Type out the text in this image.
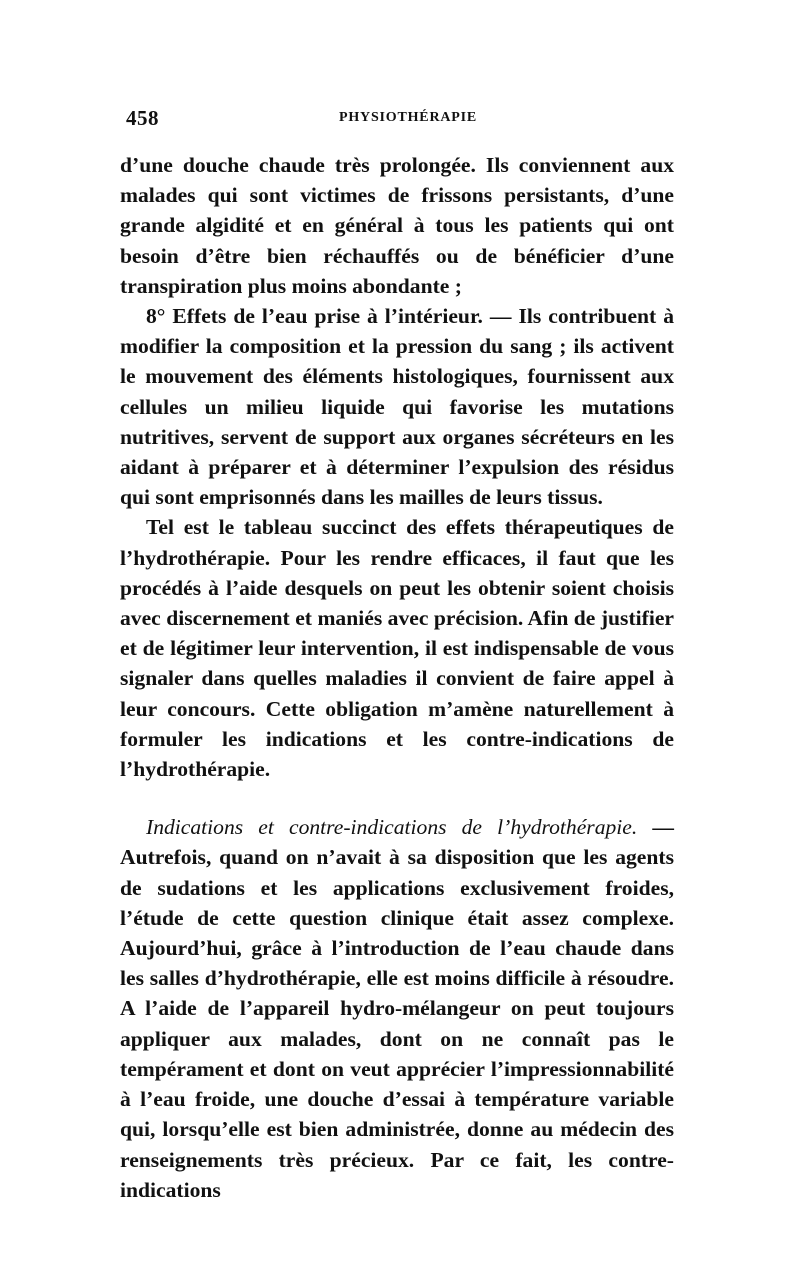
458	PHYSIOTHÉRAPIE

d’une douche chaude très prolongée. Ils conviennent aux malades qui sont victimes de frissons persistants, d’une grande algidité et en général à tous les patients qui ont besoin d’être bien réchauffés ou de bénéficier d’une transpiration plus moins abondante ;

8° Effets de l’eau prise à l’intérieur. — Ils contribuent à modifier la composition et la pression du sang ; ils activent le mouvement des éléments histologiques, fournissent aux cellules un milieu liquide qui favorise les mutations nutritives, servent de support aux organes sécréteurs en les aidant à préparer et à déterminer l’expulsion des résidus qui sont emprisonnés dans les mailles de leurs tissus.

Tel est le tableau succinct des effets thérapeutiques de l’hydrothérapie. Pour les rendre efficaces, il faut que les procédés à l’aide desquels on peut les obtenir soient choisis avec discernement et maniés avec précision. Afin de justifier et de légitimer leur intervention, il est indispensable de vous signaler dans quelles maladies il convient de faire appel à leur concours. Cette obligation m’amène naturellement à formuler les indications et les contre-indications de l’hydrothérapie.

Indications et contre-indications de l’hydrothérapie. — Autrefois, quand on n’avait à sa disposition que les agents de sudations et les applications exclusivement froides, l’étude de cette question clinique était assez complexe. Aujourd’hui, grâce à l’introduction de l’eau chaude dans les salles d’hydrothérapie, elle est moins difficile à résoudre. A l’aide de l’appareil hydro-mélangeur on peut toujours appliquer aux malades, dont on ne connaît pas le tempérament et dont on veut apprécier l’impressionnabilité à l’eau froide, une douche d’essai à température variable qui, lorsqu’elle est bien administrée, donne au médecin des renseignements très précieux. Par ce fait, les contre-indications
